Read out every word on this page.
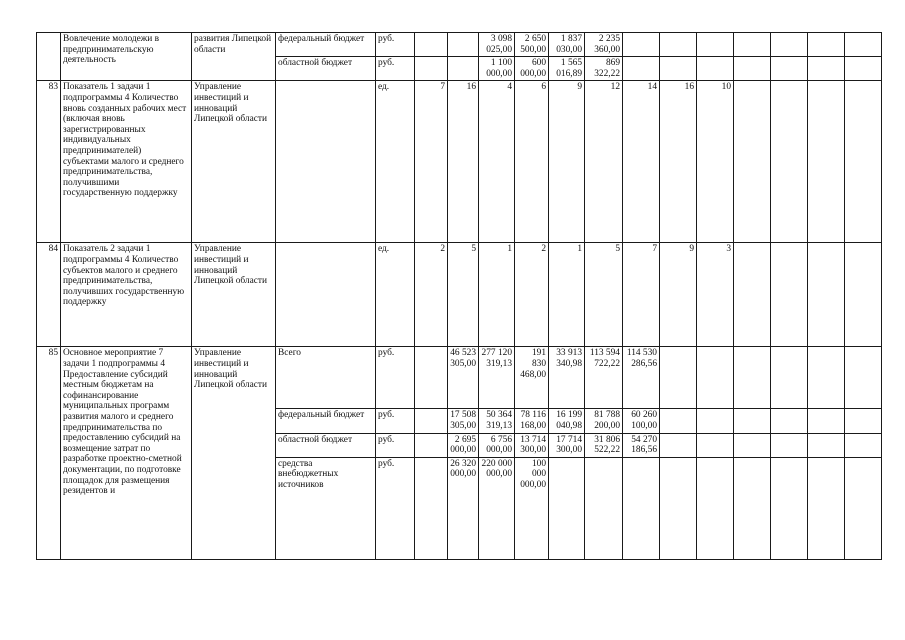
	Вовлечение молодежи в предпринимательскую деятельность	развития Липецкой области	федеральный бюджет	руб.			3 098 025,00	2 650 500,00	1 837 030,00	2 235 360,00							
			областной бюджет	руб.			1 100 000,00	600 000,00	1 565 016,89	869 322,22							
83	Показатель 1 задачи 1 подпрограммы 4 Количество вновь созданных рабочих мест (включая вновь зарегистрированных индивидуальных предпринимателей) субъектами малого и среднего предпринимательства, получившими государственную поддержку	Управление инвестиций и инноваций Липецкой области		ед.	7	16	4	6	9	12	14	16	10				
84	Показатель 2 задачи 1 подпрограммы 4 Количество субъектов малого и среднего предпринимательства, получивших государственную поддержку	Управление инвестиций и инноваций Липецкой области		ед.	2	5	1	2	1	5	7	9	3				
85	Основное мероприятие 7 задачи 1 подпрограммы 4 Предоставление субсидий местным бюджетам на софинансирование муниципальных программ развития малого и среднего предпринимательства по предоставлению субсидий на возмещение затрат по разработке проектно-сметной документации, по подготовке площадок для размещения резидентов и	Управление инвестиций и инноваций Липецкой области	Всего	руб.		46 523 305,00	277 120 319,13	191 830 468,00	33 913 340,98	113 594 722,22	114 530 286,56						
			федеральный бюджет	руб.		17 508 305,00	50 364 319,13	78 116 168,00	16 199 040,98	81 788 200,00	60 260 100,00						
			областной бюджет	руб.		2 695 000,00	6 756 000,00	13 714 300,00	17 714 300,00	31 806 522,22	54 270 186,56						
			средства внебюджетных источников	руб.		26 320 000,00	220 000 000,00	100 000 000,00									
